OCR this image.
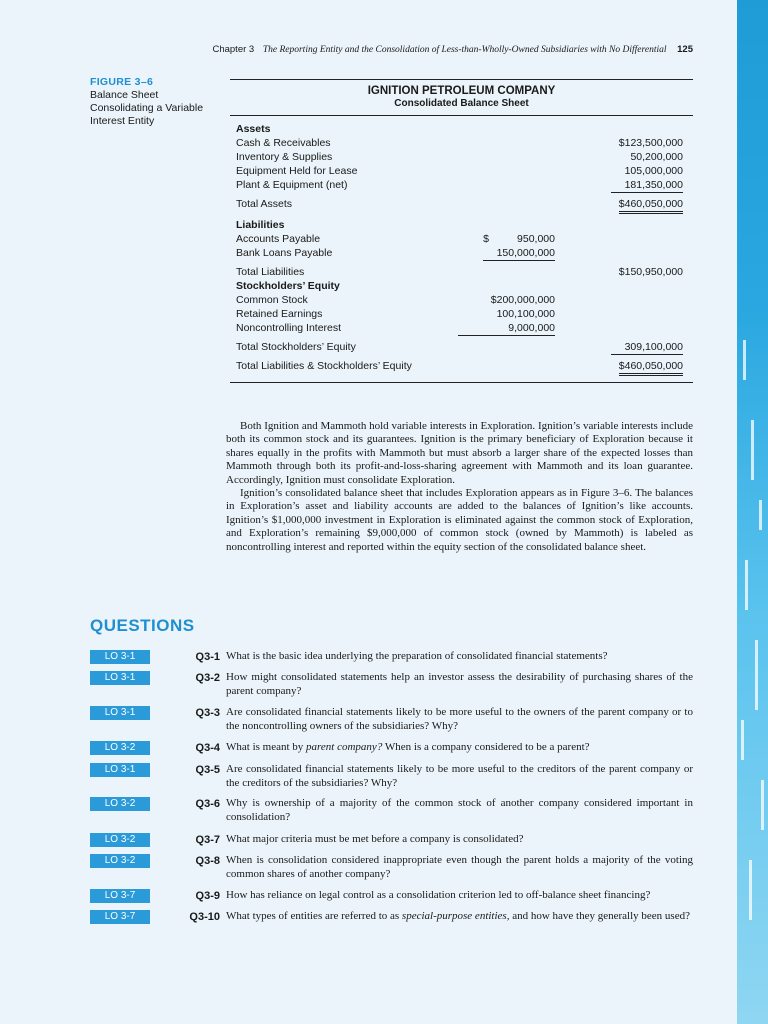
Chapter 3 The Reporting Entity and the Consolidation of Less-than-Wholly-Owned Subsidiaries with No Differential 125
FIGURE 3–6
Balance Sheet
Consolidating a Variable
Interest Entity
IGNITION PETROLEUM COMPANY
Consolidated Balance Sheet
Assets
Cash & Receivables	$123,500,000
Inventory & Supplies	50,200,000
Equipment Held for Lease	105,000,000
Plant & Equipment (net)	181,350,000
Total Assets	$460,050,000
Liabilities
Accounts Payable	$	950,000
Bank Loans Payable	150,000,000
Total Liabilities	$150,950,000
Stockholders’ Equity
Common Stock	$200,000,000
Retained Earnings	100,100,000
Noncontrolling Interest	9,000,000
Total Stockholders’ Equity	309,100,000
Total Liabilities & Stockholders’ Equity	$460,050,000

Both Ignition and Mammoth hold variable interests in Exploration. Ignition’s variable interests include both its common stock and its guarantees. Ignition is the primary beneficiary of Exploration because it shares equally in the profits with Mammoth but must absorb a larger share of the expected losses than Mammoth through both its profit-and-loss-sharing agreement with Mammoth and its loan guarantee. Accordingly, Ignition must consolidate Exploration.

Ignition’s consolidated balance sheet that includes Exploration appears as in Figure 3–6. The balances in Exploration’s asset and liability accounts are added to the balances of Ignition’s like accounts. Ignition’s $1,000,000 investment in Exploration is eliminated against the common stock of Exploration, and Exploration’s remaining $9,000,000 of common stock (owned by Mammoth) is labeled as noncontrolling interest and reported within the equity section of the consolidated balance sheet.

QUESTIONS
LO 3-1	Q3-1 What is the basic idea underlying the preparation of consolidated financial statements?
LO 3-1	Q3-2 How might consolidated statements help an investor assess the desirability of purchasing shares of the parent company?
LO 3-1	Q3-3 Are consolidated financial statements likely to be more useful to the owners of the parent company or to the noncontrolling owners of the subsidiaries? Why?
LO 3-2	Q3-4 What is meant by parent company? When is a company considered to be a parent?
LO 3-1	Q3-5 Are consolidated financial statements likely to be more useful to the creditors of the parent company or the creditors of the subsidiaries? Why?
LO 3-2	Q3-6 Why is ownership of a majority of the common stock of another company considered important in consolidation?
LO 3-2	Q3-7 What major criteria must be met before a company is consolidated?
LO 3-2	Q3-8 When is consolidation considered inappropriate even though the parent holds a majority of the voting common shares of another company?
LO 3-7	Q3-9 How has reliance on legal control as a consolidation criterion led to off-balance sheet financing?
LO 3-7	Q3-10 What types of entities are referred to as special-purpose entities, and how have they generally been used?
